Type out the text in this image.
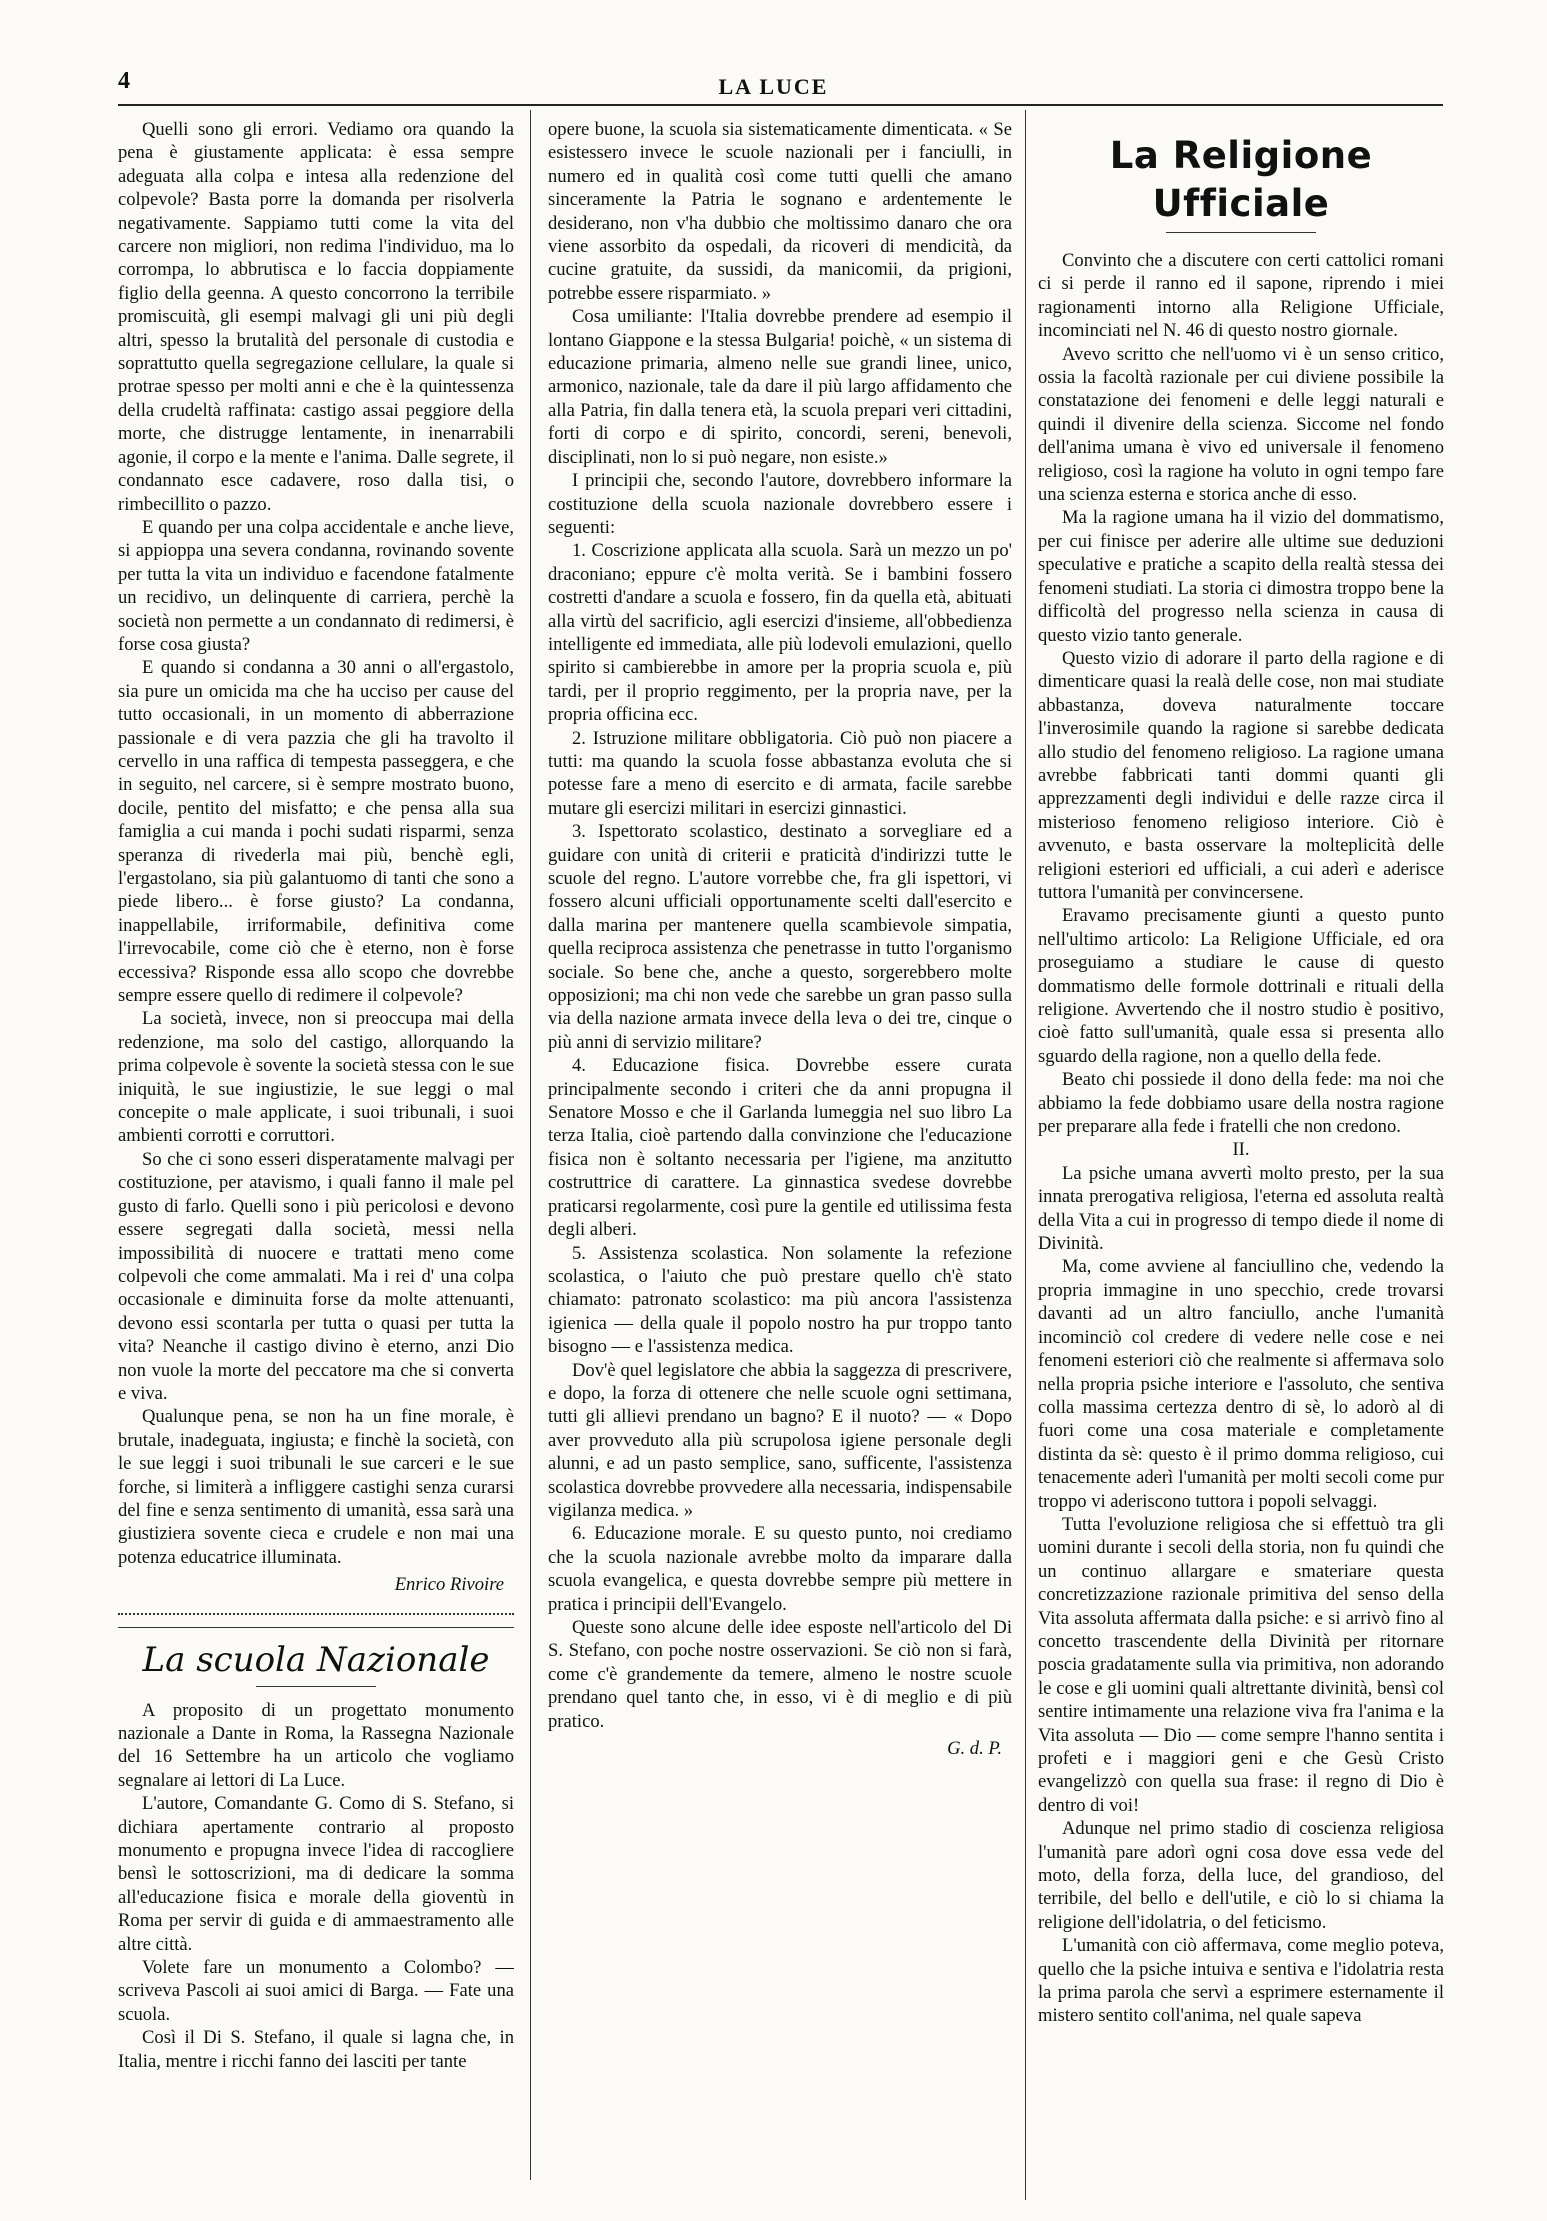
4	LA LUCE

Quelli sono gli errori. Vediamo ora quando la pena è giustamente applicata: è essa sempre adeguata alla colpa e intesa alla redenzione del colpevole? Basta porre la domanda per risolverla negativamente. Sappiamo tutti come la vita del carcere non migliori, non redima l'individuo, ma lo corrompa, lo abbrutisca e lo faccia doppiamente figlio della geenna. A questo concorrono la terribile promiscuità, gli esempi malvagi gli uni più degli altri, spesso la brutalità del personale di custodia e soprattutto quella segregazione cellulare, la quale si protrae spesso per molti anni e che è la quintessenza della crudeltà raffinata: castigo assai peggiore della morte, che distrugge lentamente, in inenarrabili agonie, il corpo e la mente e l'anima. Dalle segrete, il condannato esce cadavere, roso dalla tisi, o rimbecillito o pazzo.

E quando per una colpa accidentale e anche lieve, si appioppa una severa condanna, rovinando sovente per tutta la vita un individuo e facendone fatalmente un recidivo, un delinquente di carriera, perchè la società non permette a un condannato di redimersi, è forse cosa giusta?

E quando si condanna a 30 anni o all'ergastolo, sia pure un omicida ma che ha ucciso per cause del tutto occasionali, in un momento di abberrazione passionale e di vera pazzia che gli ha travolto il cervello in una raffica di tempesta passeggera, e che in seguito, nel carcere, si è sempre mostrato buono, docile, pentito del misfatto; e che pensa alla sua famiglia a cui manda i pochi sudati risparmi, senza speranza di rivederla mai più, benchè egli, l'ergastolano, sia più galantuomo di tanti che sono a piede libero... è forse giusto? La condanna, inappellabile, irriformabile, definitiva come l'irrevocabile, come ciò che è eterno, non è forse eccessiva? Risponde essa allo scopo che dovrebbe sempre essere quello di redimere il colpevole?

La società, invece, non si preoccupa mai della redenzione, ma solo del castigo, allorquando la prima colpevole è sovente la società stessa con le sue iniquità, le sue ingiustizie, le sue leggi o mal concepite o male applicate, i suoi tribunali, i suoi ambienti corrotti e corruttori.

So che ci sono esseri disperatamente malvagi per costituzione, per atavismo, i quali fanno il male pel gusto di farlo. Quelli sono i più pericolosi e devono essere segregati dalla società, messi nella impossibilità di nuocere e trattati meno come colpevoli che come ammalati. Ma i rei d' una colpa occasionale e diminuita forse da molte attenuanti, devono essi scontarla per tutta o quasi per tutta la vita? Neanche il castigo divino è eterno, anzi Dio non vuole la morte del peccatore ma che si converta e viva.

Qualunque pena, se non ha un fine morale, è brutale, inadeguata, ingiusta; e finchè la società, con le sue leggi i suoi tribunali le sue carceri e le sue forche, si limiterà a infliggere castighi senza curarsi del fine e senza sentimento di umanità, essa sarà una giustiziera sovente cieca e crudele e non mai una potenza educatrice illuminata.

Enrico Rivoire
La scuola Nazionale

A proposito di un progettato monumento nazionale a Dante in Roma, la Rassegna Nazionale del 16 Settembre ha un articolo che vogliamo segnalare ai lettori di La Luce.

L'autore, Comandante G. Como di S. Stefano, si dichiara apertamente contrario al proposto monumento e propugna invece l'idea di raccogliere bensì le sottoscrizioni, ma di dedicare la somma all'educazione fisica e morale della gioventù in Roma per servir di guida e di ammaestramento alle altre città.

Volete fare un monumento a Colombo? — scriveva Pascoli ai suoi amici di Barga. — Fate una scuola.

Così il Di S. Stefano, il quale si lagna che, in Italia, mentre i ricchi fanno dei lasciti per tante

opere buone, la scuola sia sistematicamente dimenticata. « Se esistessero invece le scuole nazionali per i fanciulli, in numero ed in qualità così come tutti quelli che amano sinceramente la Patria le sognano e ardentemente le desiderano, non v'ha dubbio che moltissimo danaro che ora viene assorbito da ospedali, da ricoveri di mendicità, da cucine gratuite, da sussidi, da manicomii, da prigioni, potrebbe essere risparmiato. »

Cosa umiliante: l'Italia dovrebbe prendere ad esempio il lontano Giappone e la stessa Bulgaria! poichè, « un sistema di educazione primaria, almeno nelle sue grandi linee, unico, armonico, nazionale, tale da dare il più largo affidamento che alla Patria, fin dalla tenera età, la scuola prepari veri cittadini, forti di corpo e di spirito, concordi, sereni, benevoli, disciplinati, non lo si può negare, non esiste.»

I principii che, secondo l'autore, dovrebbero informare la costituzione della scuola nazionale dovrebbero essere i seguenti:

1. Coscrizione applicata alla scuola. Sarà un mezzo un po' draconiano; eppure c'è molta verità. Se i bambini fossero costretti d'andare a scuola e fossero, fin da quella età, abituati alla virtù del sacrificio, agli esercizi d'insieme, all'obbedienza intelligente ed immediata, alle più lodevoli emulazioni, quello spirito si cambierebbe in amore per la propria scuola e, più tardi, per il proprio reggimento, per la propria nave, per la propria officina ecc.

2. Istruzione militare obbligatoria. Ciò può non piacere a tutti: ma quando la scuola fosse abbastanza evoluta che si potesse fare a meno di esercito e di armata, facile sarebbe mutare gli esercizi militari in esercizi ginnastici.

3. Ispettorato scolastico, destinato a sorvegliare ed a guidare con unità di criterii e praticità d'indirizzi tutte le scuole del regno. L'autore vorrebbe che, fra gli ispettori, vi fossero alcuni ufficiali opportunamente scelti dall'esercito e dalla marina per mantenere quella scambievole simpatia, quella reciproca assistenza che penetrasse in tutto l'organismo sociale. So bene che, anche a questo, sorgerebbero molte opposizioni; ma chi non vede che sarebbe un gran passo sulla via della nazione armata invece della leva o dei tre, cinque o più anni di servizio militare?

4. Educazione fisica. Dovrebbe essere curata principalmente secondo i criteri che da anni propugna il Senatore Mosso e che il Garlanda lumeggia nel suo libro La terza Italia, cioè partendo dalla convinzione che l'educazione fisica non è soltanto necessaria per l'igiene, ma anzitutto costruttrice di carattere. La ginnastica svedese dovrebbe praticarsi regolarmente, così pure la gentile ed utilissima festa degli alberi.

5. Assistenza scolastica. Non solamente la refezione scolastica, o l'aiuto che può prestare quello ch'è stato chiamato: patronato scolastico: ma più ancora l'assistenza igienica — della quale il popolo nostro ha pur troppo tanto bisogno — e l'assistenza medica.

Dov'è quel legislatore che abbia la saggezza di prescrivere, e dopo, la forza di ottenere che nelle scuole ogni settimana, tutti gli allievi prendano un bagno? E il nuoto? — « Dopo aver provveduto alla più scrupolosa igiene personale degli alunni, e ad un pasto semplice, sano, sufficente, l'assistenza scolastica dovrebbe provvedere alla necessaria, indispensabile vigilanza medica. »

6. Educazione morale. E su questo punto, noi crediamo che la scuola nazionale avrebbe molto da imparare dalla scuola evangelica, e questa dovrebbe sempre più mettere in pratica i principii dell'Evangelo.

Queste sono alcune delle idee esposte nell'articolo del Di S. Stefano, con poche nostre osservazioni. Se ciò non si farà, come c'è grandemente da temere, almeno le nostre scuole prendano quel tanto che, in esso, vi è di meglio e di più pratico.

G. d. P.
La Religione Ufficiale

Convinto che a discutere con certi cattolici romani ci si perde il ranno ed il sapone, riprendo i miei ragionamenti intorno alla Religione Ufficiale, incominciati nel N. 46 di questo nostro giornale.

Avevo scritto che nell'uomo vi è un senso critico, ossia la facoltà razionale per cui diviene possibile la constatazione dei fenomeni e delle leggi naturali e quindi il divenire della scienza. Siccome nel fondo dell'anima umana è vivo ed universale il fenomeno religioso, così la ragione ha voluto in ogni tempo fare una scienza esterna e storica anche di esso.

Ma la ragione umana ha il vizio del dommatismo, per cui finisce per aderire alle ultime sue deduzioni speculative e pratiche a scapito della realtà stessa dei fenomeni studiati. La storia ci dimostra troppo bene la difficoltà del progresso nella scienza in causa di questo vizio tanto generale.

Questo vizio di adorare il parto della ragione e di dimenticare quasi la realà delle cose, non mai studiate abbastanza, doveva naturalmente toccare l'inverosimile quando la ragione si sarebbe dedicata allo studio del fenomeno religioso. La ragione umana avrebbe fabbricati tanti dommi quanti gli apprezzamenti degli individui e delle razze circa il misterioso fenomeno religioso interiore. Ciò è avvenuto, e basta osservare la molteplicità delle religioni esteriori ed ufficiali, a cui aderì e aderisce tuttora l'umanità per convincersene.

Eravamo precisamente giunti a questo punto nell'ultimo articolo: La Religione Ufficiale, ed ora proseguiamo a studiare le cause di questo dommatismo delle formole dottrinali e rituali della religione. Avvertendo che il nostro studio è positivo, cioè fatto sull'umanità, quale essa si presenta allo sguardo della ragione, non a quello della fede.

Beato chi possiede il dono della fede: ma noi che abbiamo la fede dobbiamo usare della nostra ragione per preparare alla fede i fratelli che non credono.

II.

La psiche umana avvertì molto presto, per la sua innata prerogativa religiosa, l'eterna ed assoluta realtà della Vita a cui in progresso di tempo diede il nome di Divinità.

Ma, come avviene al fanciullino che, vedendo la propria immagine in uno specchio, crede trovarsi davanti ad un altro fanciullo, anche l'umanità incominciò col credere di vedere nelle cose e nei fenomeni esteriori ciò che realmente si affermava solo nella propria psiche interiore e l'assoluto, che sentiva colla massima certezza dentro di sè, lo adorò al di fuori come una cosa materiale e completamente distinta da sè: questo è il primo domma religioso, cui tenacemente aderì l'umanità per molti secoli come pur troppo vi aderiscono tuttora i popoli selvaggi.

Tutta l'evoluzione religiosa che si effettuò tra gli uomini durante i secoli della storia, non fu quindi che un continuo allargare e smateriare questa concretizzazione razionale primitiva del senso della Vita assoluta affermata dalla psiche: e si arrivò fino al concetto trascendente della Divinità per ritornare poscia gradatamente sulla via primitiva, non adorando le cose e gli uomini quali altrettante divinità, bensì col sentire intimamente una relazione viva fra l'anima e la Vita assoluta — Dio — come sempre l'hanno sentita i profeti e i maggiori geni e che Gesù Cristo evangelizzò con quella sua frase: il regno di Dio è dentro di voi!

Adunque nel primo stadio di coscienza religiosa l'umanità pare adorì ogni cosa dove essa vede del moto, della forza, della luce, del grandioso, del terribile, del bello e dell'utile, e ciò lo si chiama la religione dell'idolatria, o del feticismo.

L'umanità con ciò affermava, come meglio poteva, quello che la psiche intuiva e sentiva e l'idolatria resta la prima parola che servì a esprimere esternamente il mistero sentito coll'anima, nel quale sapeva
